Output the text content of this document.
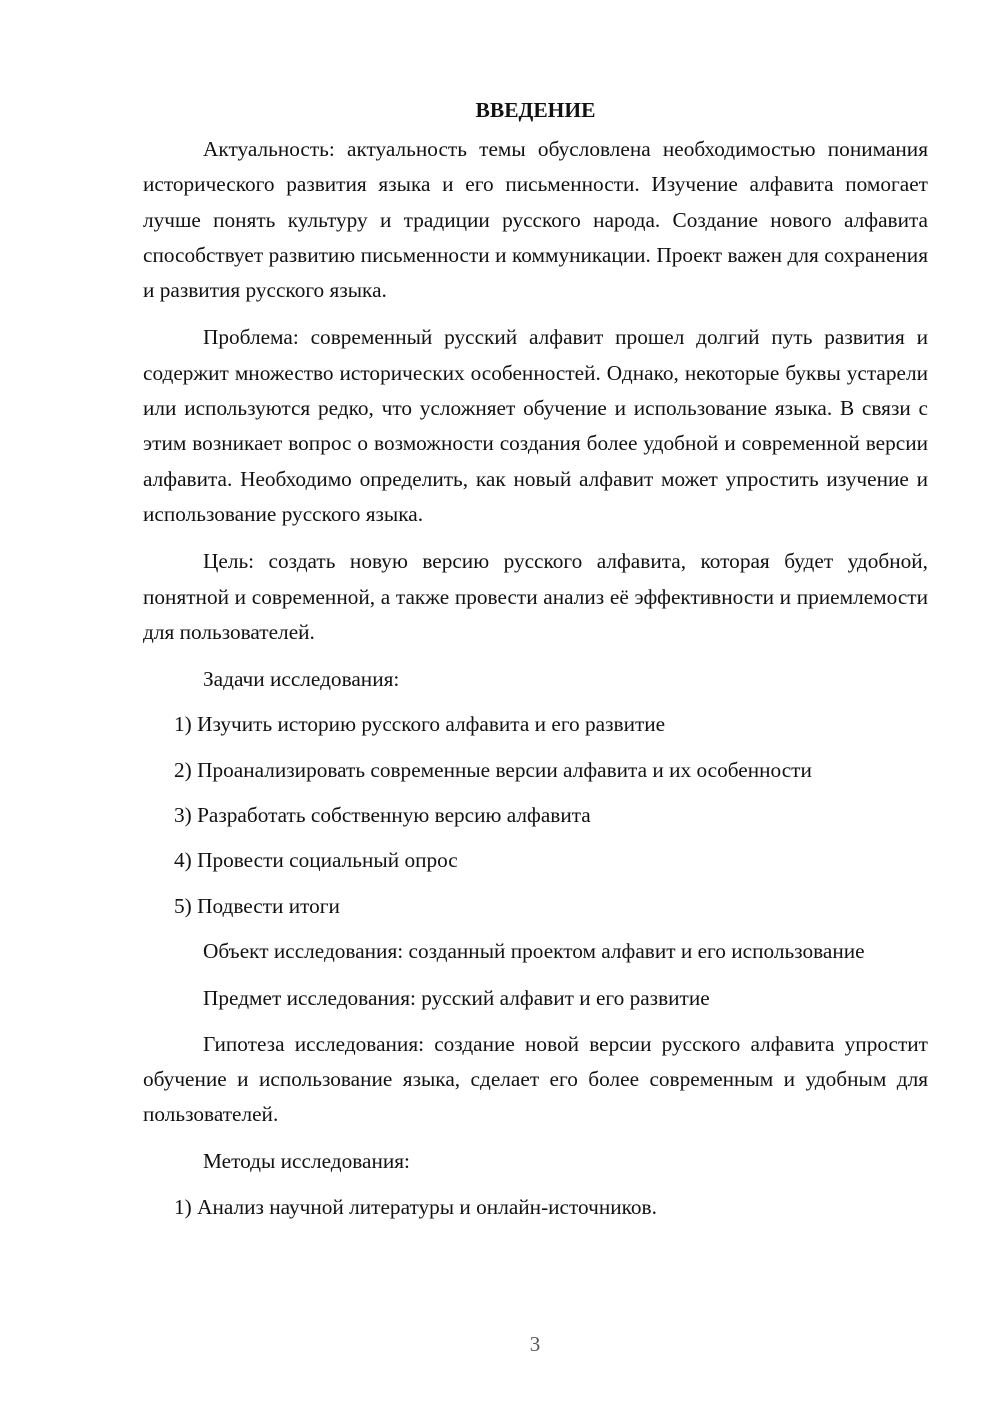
ВВЕДЕНИЕ
Актуальность: актуальность темы обусловлена необходимостью понимания исторического развития языка и его письменности. Изучение алфавита помогает лучше понять культуру и традиции русского народа. Создание нового алфавита способствует развитию письменности и коммуникации. Проект важен для сохранения и развития русского языка.
Проблема: современный русский алфавит прошел долгий путь развития и содержит множество исторических особенностей. Однако, некоторые буквы устарели или используются редко, что усложняет обучение и использование языка. В связи с этим возникает вопрос о возможности создания более удобной и современной версии алфавита. Необходимо определить, как новый алфавит может упростить изучение и использование русского языка.
Цель: создать новую версию русского алфавита, которая будет удобной, понятной и современной, а также провести анализ её эффективности и приемлемости для пользователей.
Задачи исследования:
1) Изучить историю русского алфавита и его развитие
2) Проанализировать современные версии алфавита и их особенности
3) Разработать собственную версию алфавита
4) Провести социальный опрос
5) Подвести итоги
Объект исследования: созданный проектом алфавит и его использование
Предмет исследования: русский алфавит и его развитие
Гипотеза исследования: создание новой версии русского алфавита упростит обучение и использование языка, сделает его более современным и удобным для пользователей.
Методы исследования:
1) Анализ научной литературы и онлайн-источников.
3
